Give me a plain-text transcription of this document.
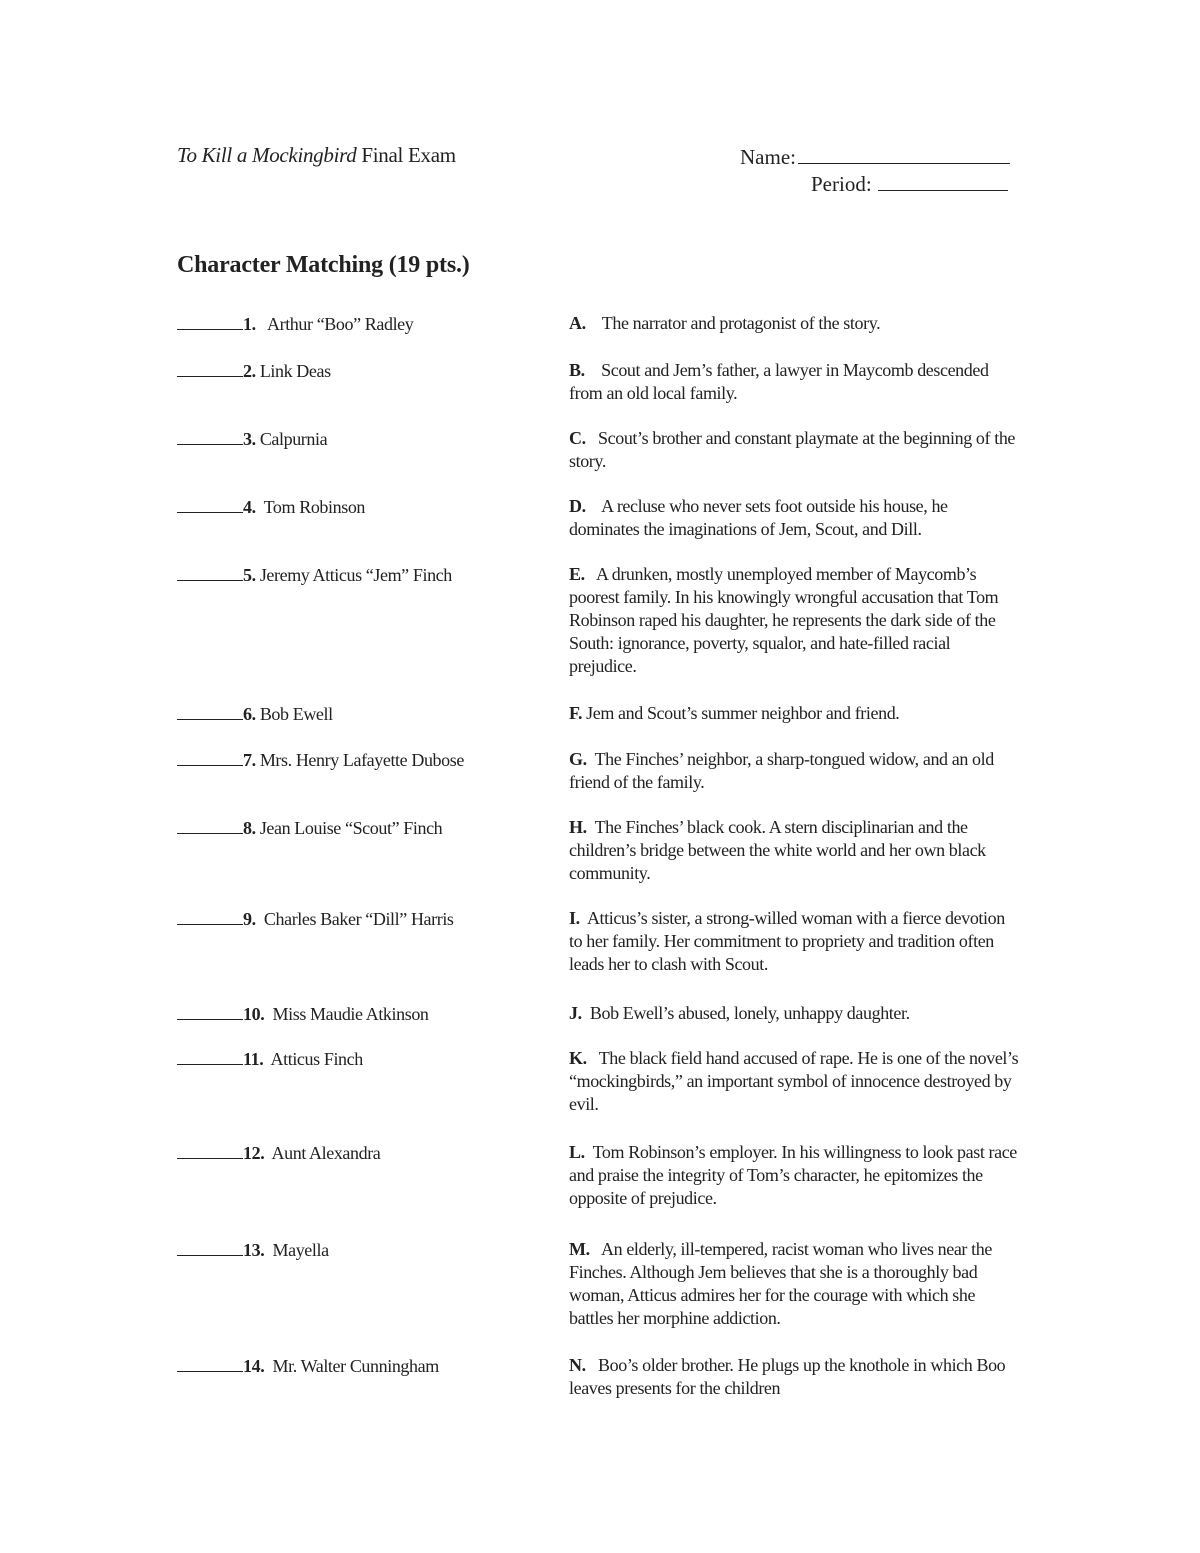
To Kill a Mockingbird Final Exam	Name:
Period:
Character Matching (19 pts.)
1. Arthur “Boo” Radley	A. The narrator and protagonist of the story.
2. Link Deas	B. Scout and Jem’s father, a lawyer in Maycomb descended from an old local family.
3. Calpurnia	C. Scout’s brother and constant playmate at the beginning of the story.
4. Tom Robinson	D. A recluse who never sets foot outside his house, he dominates the imaginations of Jem, Scout, and Dill.
5. Jeremy Atticus “Jem” Finch	E. A drunken, mostly unemployed member of Maycomb’s poorest family. In his knowingly wrongful accusation that Tom Robinson raped his daughter, he represents the dark side of the South: ignorance, poverty, squalor, and hate-filled racial prejudice.
6. Bob Ewell	F. Jem and Scout’s summer neighbor and friend.
7. Mrs. Henry Lafayette Dubose	G. The Finches’ neighbor, a sharp-tongued widow, and an old friend of the family.
8. Jean Louise “Scout” Finch	H. The Finches’ black cook. A stern disciplinarian and the children’s bridge between the white world and her own black community.
9. Charles Baker “Dill” Harris	I. Atticus’s sister, a strong-willed woman with a fierce devotion to her family. Her commitment to propriety and tradition often leads her to clash with Scout.
10. Miss Maudie Atkinson	J. Bob Ewell’s abused, lonely, unhappy daughter.
11. Atticus Finch	K. The black field hand accused of rape. He is one of the novel’s “mockingbirds,” an important symbol of innocence destroyed by evil.
12. Aunt Alexandra	L. Tom Robinson’s employer. In his willingness to look past race and praise the integrity of Tom’s character, he epitomizes the opposite of prejudice.
13. Mayella	M. An elderly, ill-tempered, racist woman who lives near the Finches. Although Jem believes that she is a thoroughly bad woman, Atticus admires her for the courage with which she battles her morphine addiction.
14. Mr. Walter Cunningham	N. Boo’s older brother. He plugs up the knothole in which Boo leaves presents for the children
